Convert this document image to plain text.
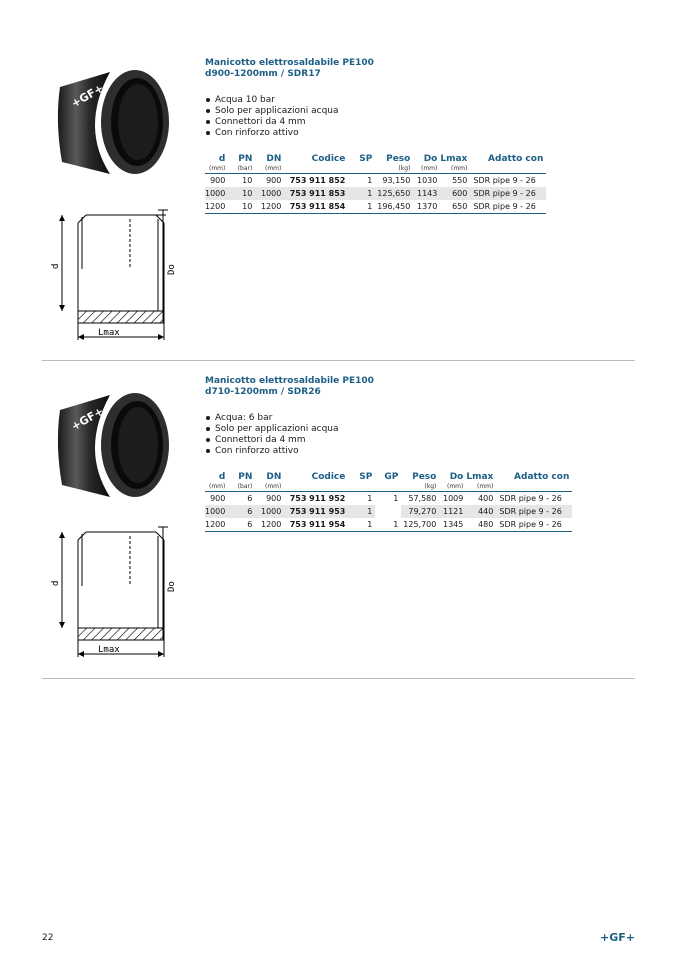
+GF+
d	Do
Lmax
Manicotto elettrosaldabile PE100
d900-1200mm / SDR17
Acqua 10 bar
Solo per applicazioni acqua
Connettori da 4 mm
Con rinforzo attivo
d	PN	DN	Codice	SP	Peso	Do	Lmax	Adatto con
(mm)	(bar)	(mm)			(kg)	(mm)	(mm)	
900	10	900	753 911 852	1	93,150	1030	550	SDR pipe 9 - 26
1000	10	1000	753 911 853	1	125,650	1143	600	SDR pipe 9 - 26
1200	10	1200	753 911 854	1	196,450	1370	650	SDR pipe 9 - 26
+GF+
d	Do
Lmax
Manicotto elettrosaldabile PE100
d710-1200mm / SDR26
Acqua: 6 bar
Solo per applicazioni acqua
Connettori da 4 mm
Con rinforzo attivo
d	PN	DN	Codice	SP	GP	Peso	Do	Lmax	Adatto con
(mm)	(bar)	(mm)				(kg)	(mm)	(mm)	
900	6	900	753 911 952	1	1	57,580	1009	400	SDR pipe 9 - 26
1000	6	1000	753 911 953	1		79,270	1121	440	SDR pipe 9 - 26
1200	6	1200	753 911 954	1	1	125,700	1345	480	SDR pipe 9 - 26
22	+GF+
